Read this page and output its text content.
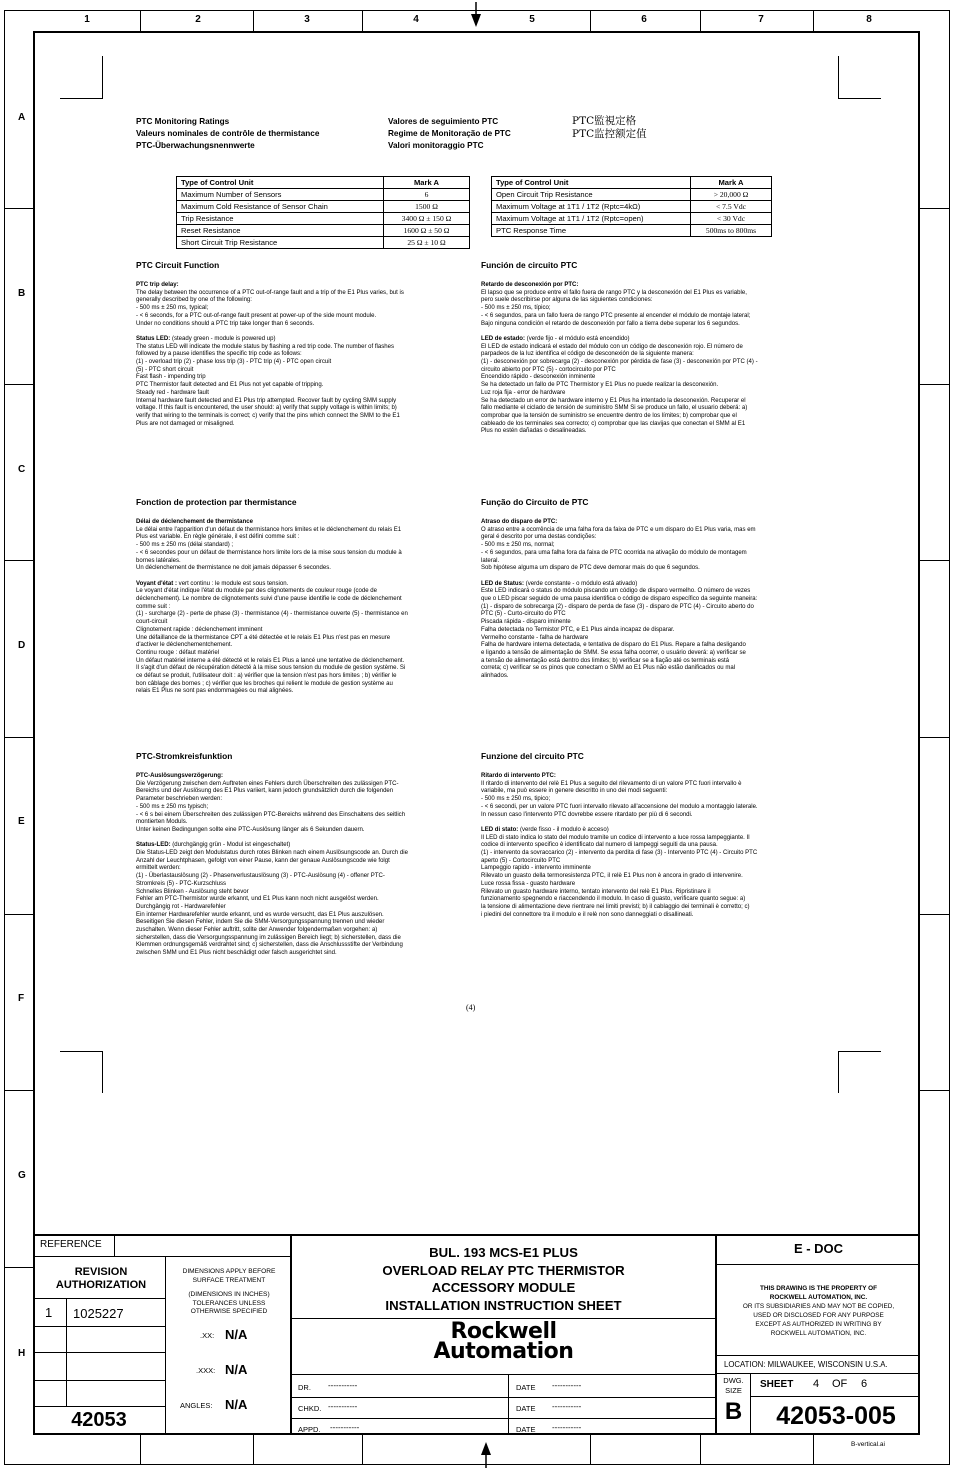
1	2	3	4	5	6	7	8
A
B
C
D
E
F
G
H
PTC Monitoring Ratings
Valeurs nominales de contrôle de thermistance
PTC-Überwachungsnennwerte
Valores de seguimiento PTC
Regime de Monitoração de PTC
Valori monitoraggio PTC
PTC監視定格
PTC监控额定值
Type of Control Unit	Mark A
Maximum Number of Sensors	6
Maximum Cold Resistance of Sensor Chain	1500 Ω
Trip Resistance	3400 Ω ± 150 Ω
Reset Resistance	1600 Ω ± 50 Ω
Short Circuit Trip Resistance	25 Ω ± 10 Ω
Type of Control Unit	Mark A
Open Circuit Trip Resistance	> 20,000 Ω
Maximum Voltage at 1T1 / 1T2 (Rptc=4kΩ)	< 7.5 Vdc
Maximum Voltage at 1T1 / 1T2 (Rptc=open)	< 30 Vdc
PTC Response Time	500ms to 800ms
PTC Circuit Function
PTC trip delay:
The delay between the occurrence of a PTC out-of-range fault and a trip of the E1 Plus varies, but is
generally described by one of the following:
- 500 ms ± 250 ms, typical;
- < 6 seconds, for a PTC out-of-range fault present at power-up of the side mount module.
Under no conditions should a PTC trip take longer than 6 seconds.

Status LED: (steady green - module is powered up)
The status LED will indicate the module status by flashing a red trip code. The number of flashes
followed by a pause identifies the specific trip code as follows:
(1) - overload trip (2) - phase loss trip (3) - PTC trip (4) - PTC open circuit
(5) - PTC short circuit
Fast flash - impending trip
PTC Thermistor fault detected and E1 Plus not yet capable of tripping.
Steady red - hardware fault
Internal hardware fault detected and E1 Plus trip attempted. Recover fault by cycling SMM supply
voltage. If this fault is encountered, the user should: a) verify that supply voltage is within limits; b)
verify that wiring to the terminals is correct; c) verify that the pins which connect the SMM to the E1
Plus are not damaged or misaligned.
Función de circuito PTC
Retardo de desconexión por PTC:
El lapso que se produce entre el fallo fuera de rango PTC y la desconexión del E1 Plus es variable,
pero suele describirse por alguna de las siguientes condiciones:
- 500 ms ± 250 ms, típico;
- < 6 segundos, para un fallo fuera de rango PTC presente al encender el módulo de montaje lateral;
Bajo ninguna condición el retardo de desconexión por fallo a tierra debe superar los 6 segundos.

LED de estado: (verde fijo - el módulo está encendido)
El LED de estado indicará el estado del módulo con un código de desconexión rojo. El número de
parpadeos de la luz identifica el código de desconexión de la siguiente manera:
(1) - desconexión por sobrecarga (2) - desconexión por pérdida de fase (3) - desconexión por PTC (4) -
circuito abierto por PTC (5) - cortocircuito por PTC
Encendido rápido - desconexión inminente
Se ha detectado un fallo de PTC Thermistor y E1 Plus no puede realizar la desconexión.
Luz roja fija - error de hardware
Se ha detectado un error de hardware interno y E1 Plus ha intentado la desconexión. Recuperar el
fallo mediante el ciclado de tensión de suministro SMM Si se produce un fallo, el usuario deberá: a)
comprobar que la tensión de suministro se encuentre dentro de los límites; b) comprobar que el
cableado de los terminales sea correcto; c) comprobar que las clavijas que conectan el SMM al E1
Plus no estén dañadas o desalineadas.
Fonction de protection par thermistance
Délai de déclenchement de thermistance
Le délai entre l'apparition d'un défaut de thermistance hors limites et le déclenchement du relais E1
Plus est variable. En règle générale, il est défini comme suit :
- 500 ms ± 250 ms (délai standard) ;
- < 6 secondes pour un défaut de thermistance hors limite lors de la mise sous tension du module à
bornes latérales.
Un déclenchement de thermistance ne doit jamais dépasser 6 secondes.

Voyant d'état : vert continu : le module est sous tension.
Le voyant d'état indique l'état du module par des clignotements de couleur rouge (code de
déclenchement). Le nombre de clignotements suivi d'une pause identifie le code de déclenchement
comme suit :
(1) - surcharge (2) - perte de phase (3) - thermistance (4) - thermistance ouverte (5) - thermistance en
court-circuit
Clignotement rapide : déclenchement imminent
Une défaillance de la thermistance CPT a été détectée et le relais E1 Plus n'est pas en mesure
d'activer le déclenchementchement.
Continu rouge : défaut matériel
Un défaut matériel interne a été détecté et le relais E1 Plus a lancé une tentative de déclenchement.
Il s'agit d'un défaut de récupération détecté à la mise sous tension du module de gestion système. Si
ce défaut se produit, l'utilisateur doit : a) vérifier que la tension n'est pas hors limites ; b) vérifier le
bon câblage des bornes ; c) vérifier que les broches qui relient le module de gestion système au
relais E1 Plus ne sont pas endommagées ou mal alignées.
Função do Circuito de PTC
Atraso do disparo de PTC:
O atraso entre a ocorrência de uma falha fora da faixa de PTC e um disparo do E1 Plus varia, mas em
geral é descrito por uma destas condições:
- 500 ms ± 250 ms, normal;
- < 6 segundos, para uma falha fora da faixa de PTC ocorrida na ativação do módulo de montagem
lateral.
Sob hipótese alguma um disparo de PTC deve demorar mais do que 6 segundos.

LED de Status: (verde constante - o módulo está ativado)
Este LED indicará o status do módulo piscando um código de disparo vermelho. O número de vezes
que o LED piscar seguido de uma pausa identifica o código de disparo específico da seguinte maneira:
(1) - disparo de sobrecarga (2) - disparo de perda de fase (3) - disparo de PTC (4) - Circuito aberto do
PTC (5) - Curto-circuito do PTC
Piscada rápida - disparo iminente
Falha detectada no Termistor PTC, e E1 Plus ainda incapaz de disparar.
Vermelho constante - falha de hardware
Falha de hardware interna detectada, e tentativa de disparo do E1 Plus. Repare a falha desligando
e ligando a tensão de alimentação de SMM. Se essa falha ocorrer, o usuário deverá: a) verificar se
a tensão de alimentação está dentro dos limites; b) verificar se a fiação até os terminais está
correta; c) verificar se os pinos que conectam o SMM ao E1 Plus não estão danificados ou mal
alinhados.
PTC-Stromkreisfunktion
PTC-Auslösungsverzögerung:
Die Verzögerung zwischen dem Auftreten eines Fehlers durch Überschreiten des zulässigen PTC-
Bereichs und der Auslösung des E1 Plus variiert, kann jedoch grundsätzlich durch die folgenden
Parameter beschrieben werden:
- 500 ms ± 250 ms typisch;
- < 6 s bei einem Überschreiten des zulässigen PTC-Bereichs während des Einschaltens des seitlich
montierten Moduls.
Unter keinen Bedingungen sollte eine PTC-Auslösung länger als 6 Sekunden dauern.

Status-LED: (durchgängig grün - Modul ist eingeschaltet)
Die Status-LED zeigt den Modulstatus durch rotes Blinken nach einem Auslösungscode an. Durch die
Anzahl der Leuchtphasen, gefolgt von einer Pause, kann der genaue Auslösungscode wie folgt
ermittelt werden:
(1) - Überlastauslösung (2) - Phasenverlustauslösung (3) - PTC-Auslösung (4) - offener PTC-
Stromkreis (5) - PTC-Kurzschluss
Schnelles Blinken - Auslösung steht bevor
Fehler am PTC-Thermistor wurde erkannt, und E1 Plus kann noch nicht ausgelöst werden.
Durchgängig rot - Hardwarefehler
Ein interner Hardwarefehler wurde erkannt, und es wurde versucht, das E1 Plus auszulösen.
Beseitigen Sie diesen Fehler, indem Sie die SMM-Versorgungsspannung trennen und wieder
zuschalten. Wenn dieser Fehler auftritt, sollte der Anwender folgendermaßen vorgehen: a)
sicherstellen, dass die Versorgungsspannung im zulässigen Bereich liegt; b) sicherstellen, dass die
Klemmen ordnungsgemäß verdrahtet sind; c) sicherstellen, dass die Anschlussstifte der Verbindung
zwischen SMM und E1 Plus nicht beschädigt oder falsch ausgerichtet sind.
Funzione del circuito PTC
Ritardo di intervento PTC:
Il ritardo di intervento del relè E1 Plus a seguito del rilevamento di un valore PTC fuori intervallo è
variabile, ma può essere in genere descritto in uno dei modi seguenti:
- 500 ms ± 250 ms, tipico;
- < 6 secondi, per un valore PTC fuori intervallo rilevato all'accensione del modulo a montaggio laterale.
In nessun caso l'intervento PTC dovrebbe essere ritardato per più di 6 secondi.

LED di stato: (verde fisso - il modulo è acceso)
Il LED di stato indica lo stato del modulo tramite un codice di intervento a luce rossa lampeggiante. Il
codice di intervento specifico è identificato dal numero di lampeggi seguiti da una pausa.
(1) - intervento da sovraccarico (2) - intervento da perdita di fase (3) - Intervento PTC (4) - Circuito PTC
aperto (5) - Cortocircuito PTC
Lampeggio rapido - intervento imminente
Rilevato un guasto della termoresistenza PTC, il relè E1 Plus non è ancora in grado di intervenire.
Luce rossa fissa - guasto hardware
Rilevato un guasto hardware interno, tentato intervento del relè E1 Plus. Ripristinare il
funzionamento spegnendo e riaccendendo il modulo. In caso di guasto, verificare quanto segue: a)
la tensione di alimentazione deve rientrare nei limiti previsti; b) il cablaggio dei terminali è corretto; c)
i piedini del connettore tra il modulo e il relè non sono danneggiati o disallineati.
(4)
REFERENCE
REVISION AUTHORIZATION
1 1025227
42053
DIMENSIONS APPLY BEFORE SURFACE TREATMENT
(DIMENSIONS IN INCHES) TOLERANCES UNLESS OTHERWISE SPECIFIED
.XX: N/A
.XXX: N/A
ANGLES: N/A
BUL. 193 MCS-E1 PLUS
OVERLOAD RELAY PTC THERMISTOR
ACCESSORY MODULE
INSTALLATION INSTRUCTION SHEET
Rockwell
Automation
DR. -----------
CHKD. -----------
APPD. -----------
DATE -----------
DATE -----------
DATE -----------
E - DOC
THIS DRAWING IS THE PROPERTY OF
ROCKWELL AUTOMATION, INC.
OR ITS SUBSIDIARIES AND MAY NOT BE COPIED,
USED OR DISCLOSED FOR ANY PURPOSE
EXCEPT AS AUTHORIZED IN WRITING BY
ROCKWELL AUTOMATION, INC.
LOCATION: MILWAUKEE, WISCONSIN U.S.A.
DWG. SIZE
B
SHEET 4 OF 6
42053-005
B-vertical.ai
